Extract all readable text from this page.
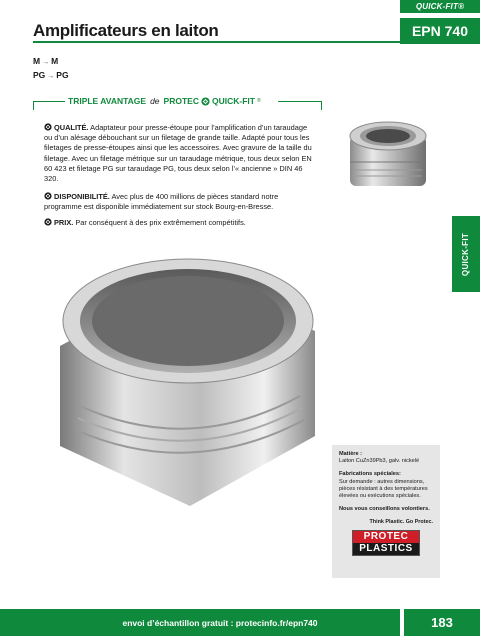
QUICK-FIT®
EPN 740
Amplificateurs en laiton
M → M
PG → PG
TRIPLE AVANTAGE de PROTEC QUICK-FIT ®
QUALITÉ. Adaptateur pour presse-étoupe pour l’amplification d’un taraudage ou d’un alésage débouchant sur un filetage de grande taille. Adapté pour tous les filetages de presse-étoupes ainsi que les accessoires. Avec gravure de la taille du filetage. Avec un filetage métrique sur un taraudage métrique, tous deux selon EN 60 423 et filetage PG sur taraudage PG, tous deux selon l’« ancienne » DIN 46 320.
DISPONIBILITÉ. Avec plus de 400 millions de pièces standard notre programme est disponible immédiatement sur stock Bourg-en-Bresse.
PRIX. Par conséquent à des prix extrêmement compétitifs.
QUICK-FIT

Matière :
Laiton CuZn39Pb3, galv. nickelé

Fabrications spéciales:
Sur demande : autres dimensions, pièces résistant à des températures élevées ou exécutions spéciales.

Nous vous conseillons volontiers.

Think Plastic. Go Protec.
PROTEC
PLASTICS
envoi d’échantillon gratuit : protecinfo.fr/epn740	183
